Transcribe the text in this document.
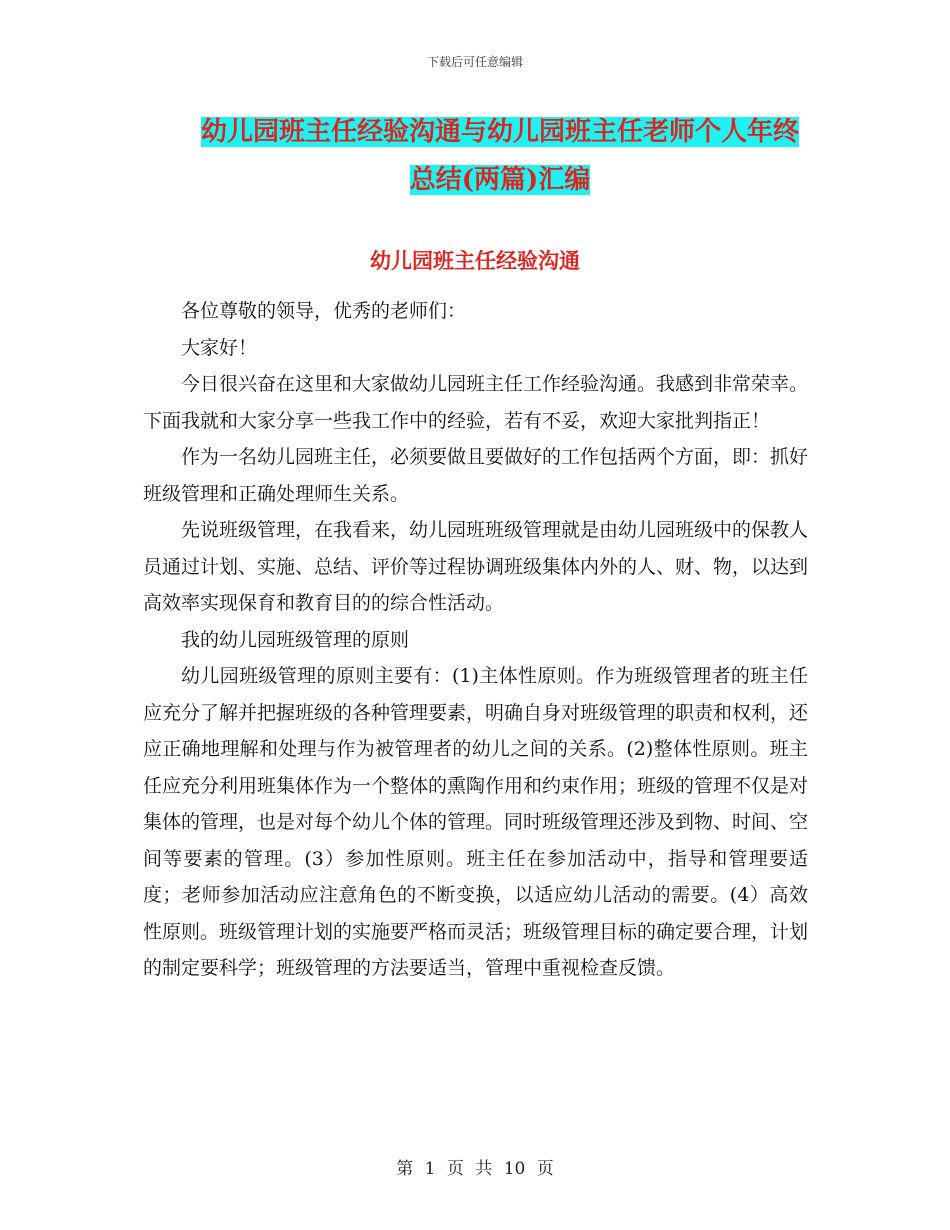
下载后可任意编辑
幼儿园班主任经验沟通与幼儿园班主任老师个人年终
总结(两篇)汇编
幼儿园班主任经验沟通

各位尊敬的领导，优秀的老师们：

大家好！

今日很兴奋在这里和大家做幼儿园班主任工作经验沟通。我感到非常荣幸。下面我就和大家分享一些我工作中的经验，若有不妥，欢迎大家批判指正！

作为一名幼儿园班主任，必须要做且要做好的工作包括两个方面，即：抓好班级管理和正确处理师生关系。

先说班级管理，在我看来，幼儿园班班级管理就是由幼儿园班级中的保教人员通过计划、实施、总结、评价等过程协调班级集体内外的人、财、物，以达到高效率实现保育和教育目的的综合性活动。

我的幼儿园班级管理的原则

幼儿园班级管理的原则主要有：(1)主体性原则。作为班级管理者的班主任应充分了解并把握班级的各种管理要素，明确自身对班级管理的职责和权利，还应正确地理解和处理与作为被管理者的幼儿之间的关系。(2)整体性原则。班主任应充分利用班集体作为一个整体的熏陶作用和约束作用；班级的管理不仅是对集体的管理，也是对每个幼儿个体的管理。同时班级管理还涉及到物、时间、空间等要素的管理。(3）参加性原则。班主任在参加活动中，指导和管理要适度；老师参加活动应注意角色的不断变换，以适应幼儿活动的需要。(4）高效性原则。班级管理计划的实施要严格而灵活；班级管理目标的确定要合理，计划的制定要科学；班级管理的方法要适当，管理中重视检查反馈。

第 1 页 共 10 页
